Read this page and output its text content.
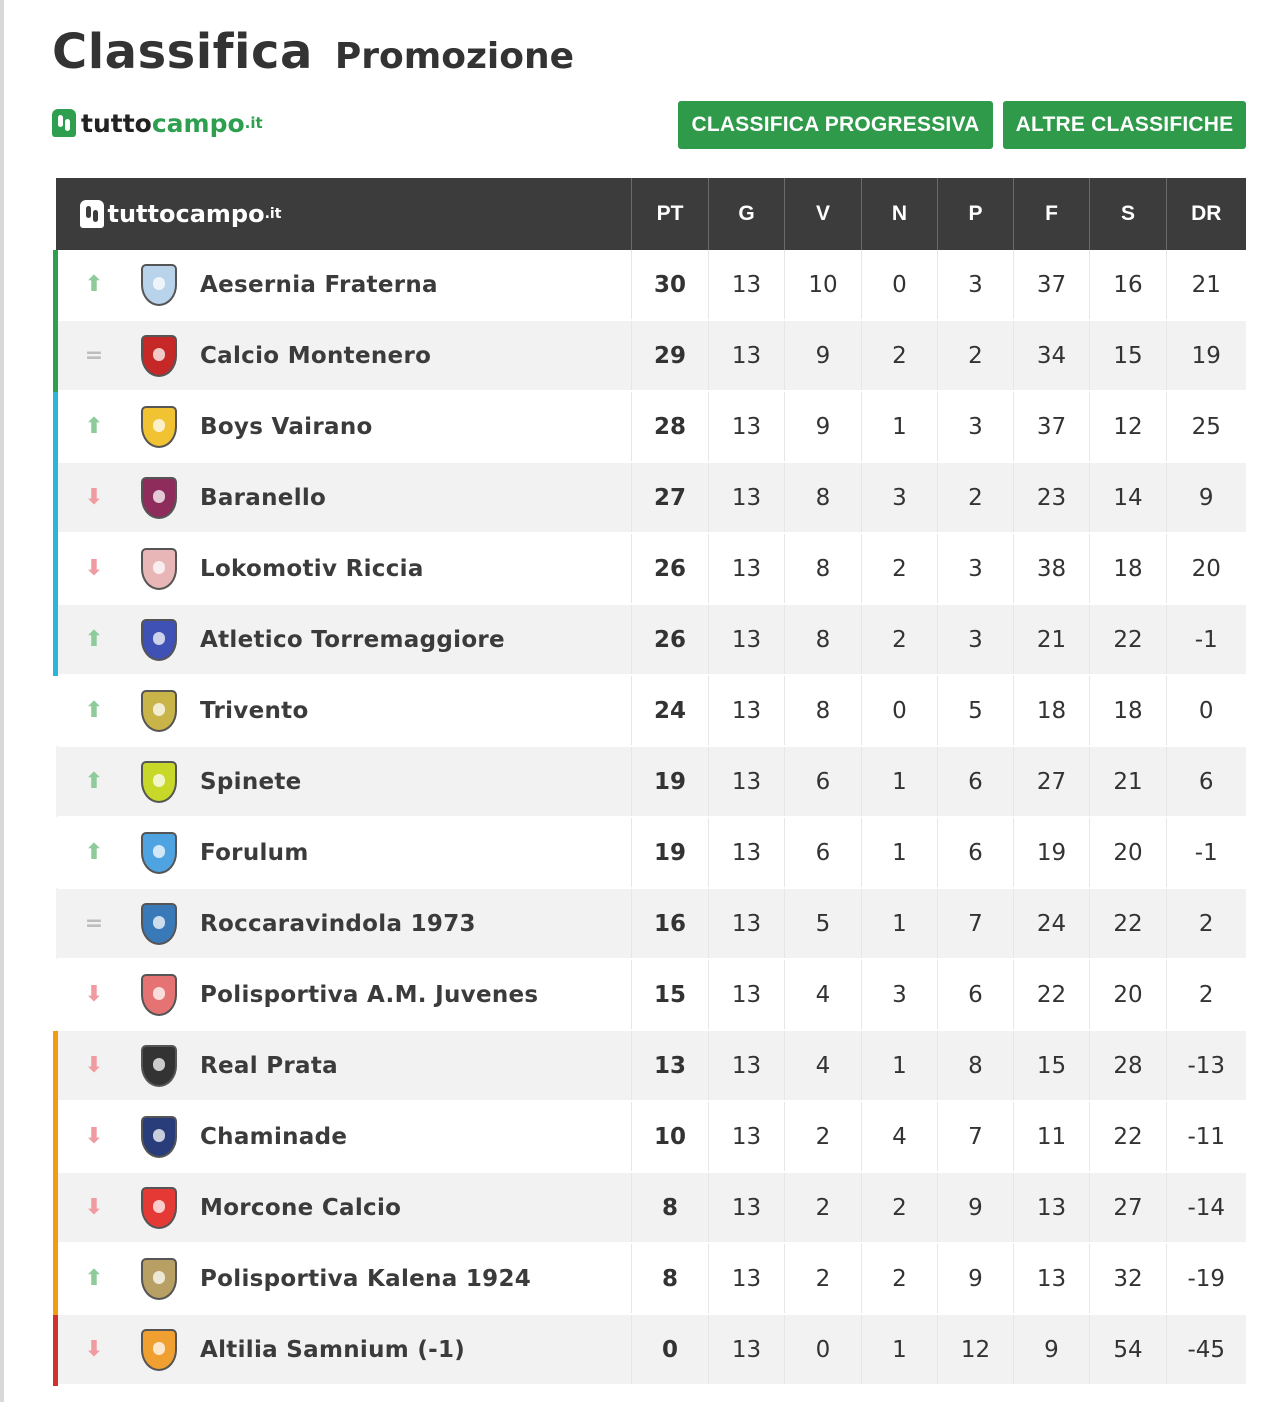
Classifica Promozione
tutto campo .it	CLASSIFICA PROGRESSIVA	ALTRE CLASSIFICHE
tuttocampo .it	PT	G	V	N	P	F	S	DR

⬆ Aesernia Fraterna	30	13	10	0	3	37	16	21

= Calcio Montenero	29	13	9	2	2	34	15	19

⬆ Boys Vairano	28	13	9	1	3	37	12	25

⬇ Baranello	27	13	8	3	2	23	14	9

⬇ Lokomotiv Riccia	26	13	8	2	3	38	18	20

⬆ Atletico Torremaggiore	26	13	8	2	3	21	22	-1

⬆ Trivento	24	13	8	0	5	18	18	0

⬆ Spinete	19	13	6	1	6	27	21	6

⬆ Forulum	19	13	6	1	6	19	20	-1

= Roccaravindola 1973	16	13	5	1	7	24	22	2

⬇ Polisportiva A.M. Juvenes	15	13	4	3	6	22	20	2

⬇ Real Prata	13	13	4	1	8	15	28	-13

⬇ Chaminade	10	13	2	4	7	11	22	-11

⬇ Morcone Calcio	8	13	2	2	9	13	27	-14

⬆ Polisportiva Kalena 1924	8	13	2	2	9	13	32	-19

⬇ Altilia Samnium (-1)	0	13	0	1	12	9	54	-45
